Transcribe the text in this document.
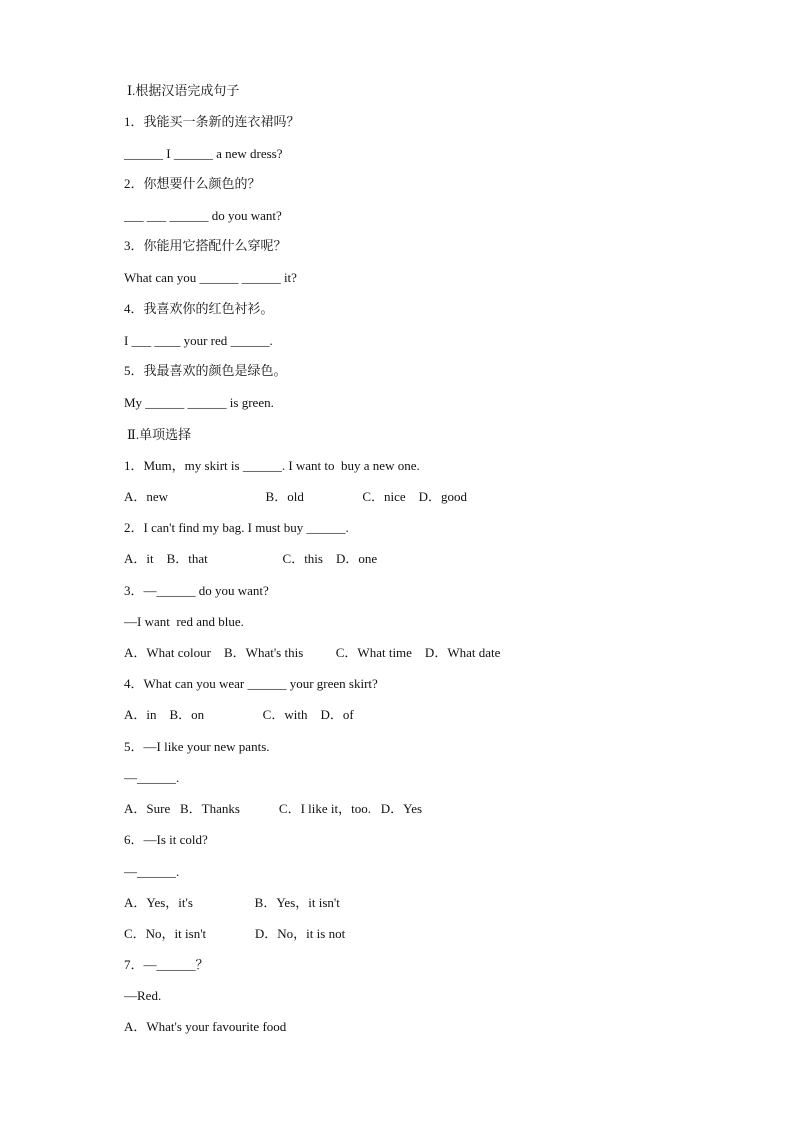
Ⅰ.根据汉语完成句子
1．我能买一条新的连衣裙吗？
______ I ______ a new dress?
2．你想要什么颜色的？
___ ___ ______ do you want?
3．你能用它搭配什么穿呢？
What can you ______ ______ it?
4．我喜欢你的红色衬衫。
I ___ ____ your red ______.
5．我最喜欢的颜色是绿色。
My ______ ______ is green.
Ⅱ.单项选择
1．Mum，my skirt is ______. I want to  buy a new one.
A．new                              B．old                  C．nice    D．good
2．I can't find my bag. I must buy ______.
A．it    B．that                       C．this    D．one
3．—______ do you want?
—I want  red and blue.
A．What colour    B．What's this          C．What time    D．What date
4．What can you wear ______ your green skirt?
A．in    B．on                  C．with    D．of
5．—I like your new pants.
—______.
A．Sure   B．Thanks            C．I like it，too.   D．Yes
6．—Is it cold?
—______.
A．Yes，it's                   B．Yes，it isn't
C．No，it isn't               D．No，it is not
7．—______？
—Red.
A．What's your favourite food
